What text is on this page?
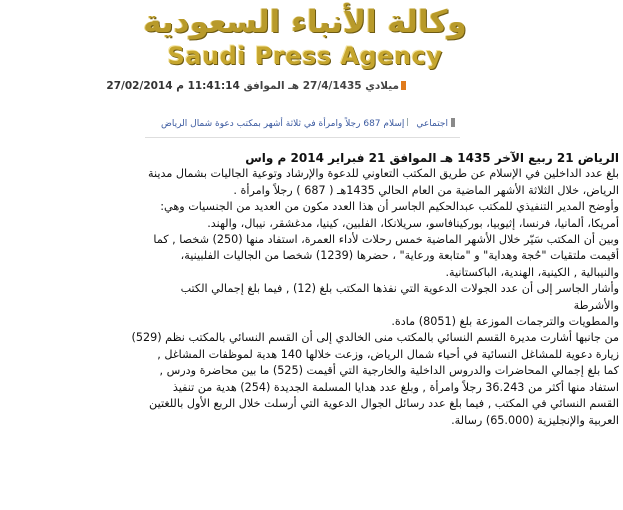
وكالة الأنباء السعودية
Saudi Press Agency
ميلادي 27/4/1435 هـ الموافق 11:41:14 م 27/02/2014
اجتماعيإسلام 687 رجلاً وامرأة في ثلاثة أشهر بمكتب دعوة شمال الرياض

الرياض 21 ربيع الآخر 1435 هـ الموافق 21 فبراير 2014 م واس

بلغ عدد الداخلين في الإسلام عن طريق المكتب التعاوني للدعوة والإرشاد وتوعية الجاليات بشمال مدينة

الرياض، خلال الثلاثة الأشهر الماضية من العام الحالي 1435هـ ( 687 ) رجلاً وامرأة .

وأوضح المدير التنفيذي للمكتب عبدالحكيم الجاسر أن هذا العدد مكون من العديد من الجنسيات وهي:

أمريكا، ألمانيا، فرنسا، إثيوبيا، بوركينافاسو، سريلانكا، الفلبين، كينيا، مدغشقر، نيبال، والهند.

وبين أن المكتب سَيّر خلال الأشهر الماضية خمس رحلات لأداء العمرة، استفاد منها (250) شخصا , كما

أقيمت ملتقيات "حُجة وهداية" و "متابعة ورعاية" ، حضرها (1239) شخصا من الجاليات الفلبينية،

والنيبالية , الكينية، الهندية، الباكستانية.

وأشار الجاسر إلى أن عدد الجولات الدعوية التي نفذها المكتب بلغ (12) , فيما بلغ إجمالي الكتب

والأشرطة

والمطويات والترجمات الموزعة بلغ (8051) مادة.

من جانبها أشارت مديرة القسم النسائي بالمكتب منى الخالدي إلى أن القسم النسائي بالمكتب نظم (529)

زيارة دعوية للمشاغل النسائية في أحياء شمال الرياض، وزعت خلالها 140 هدية لموظفات المشاغل ,

كما بلغ إجمالي المحاضرات والدروس الداخلية والخارجية التي أقيمت (525) ما بين محاضرة ودرس ,

استفاد منها أكثر من 36.243 رجلاً وامرأة , وبلغ عدد هدايا المسلمة الجديدة (254) هدية من تنفيذ

القسم النسائي في المكتب , فيما بلغ عدد رسائل الجوال الدعوية التي أرسلت خلال الربع الأول باللغتين

العربية والإنجليزية (65.000) رسالة.
